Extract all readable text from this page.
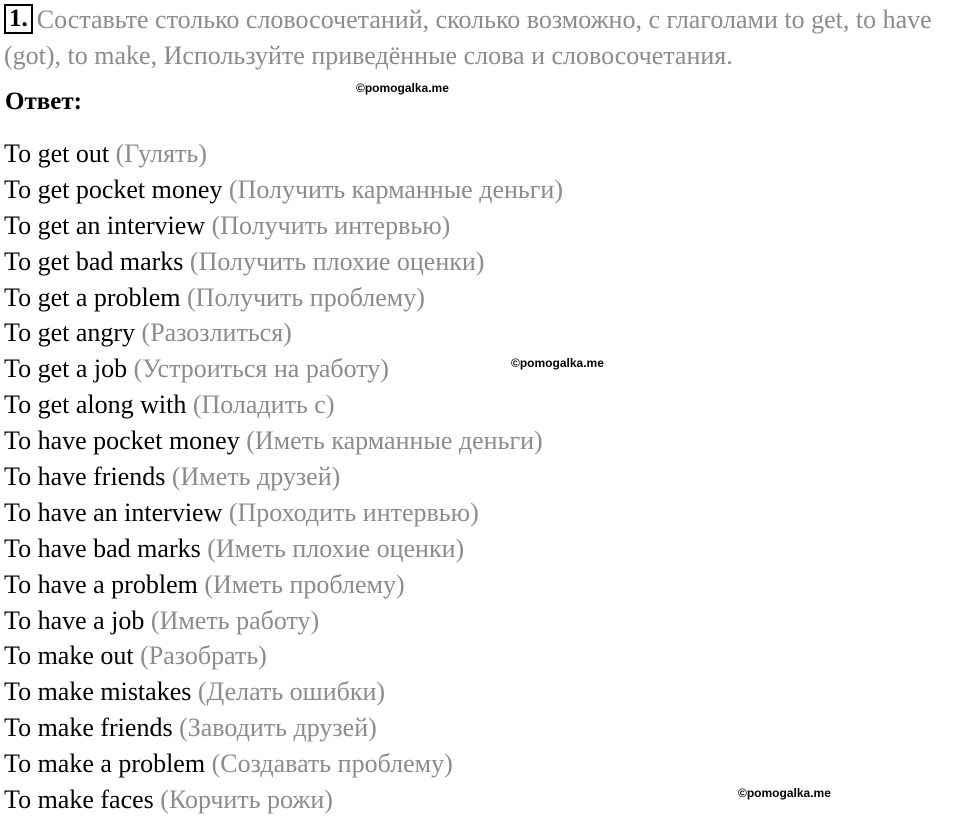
1. Составьте столько словосочетаний, сколько возможно, с глаголами to get, to have (got), to make, Используйте приведённые слова и словосочетания.
Ответ:	©pomogalka.me
©pomogalka.me
©pomogalka.me
To get out (Гулять)
To get pocket money (Получить карманные деньги)
To get an interview (Получить интервью)
To get bad marks (Получить плохие оценки)
To get a problem (Получить проблему)
To get angry (Разозлиться)
To get a job (Устроиться на работу)
To get along with (Поладить с)
To have pocket money (Иметь карманные деньги)
To have friends (Иметь друзей)
To have an interview (Проходить интервью)
To have bad marks (Иметь плохие оценки)
To have a problem (Иметь проблему)
To have a job (Иметь работу)
To make out (Разобрать)
To make mistakes (Делать ошибки)
To make friends (Заводить друзей)
To make a problem (Создавать проблему)
To make faces (Корчить рожи)
